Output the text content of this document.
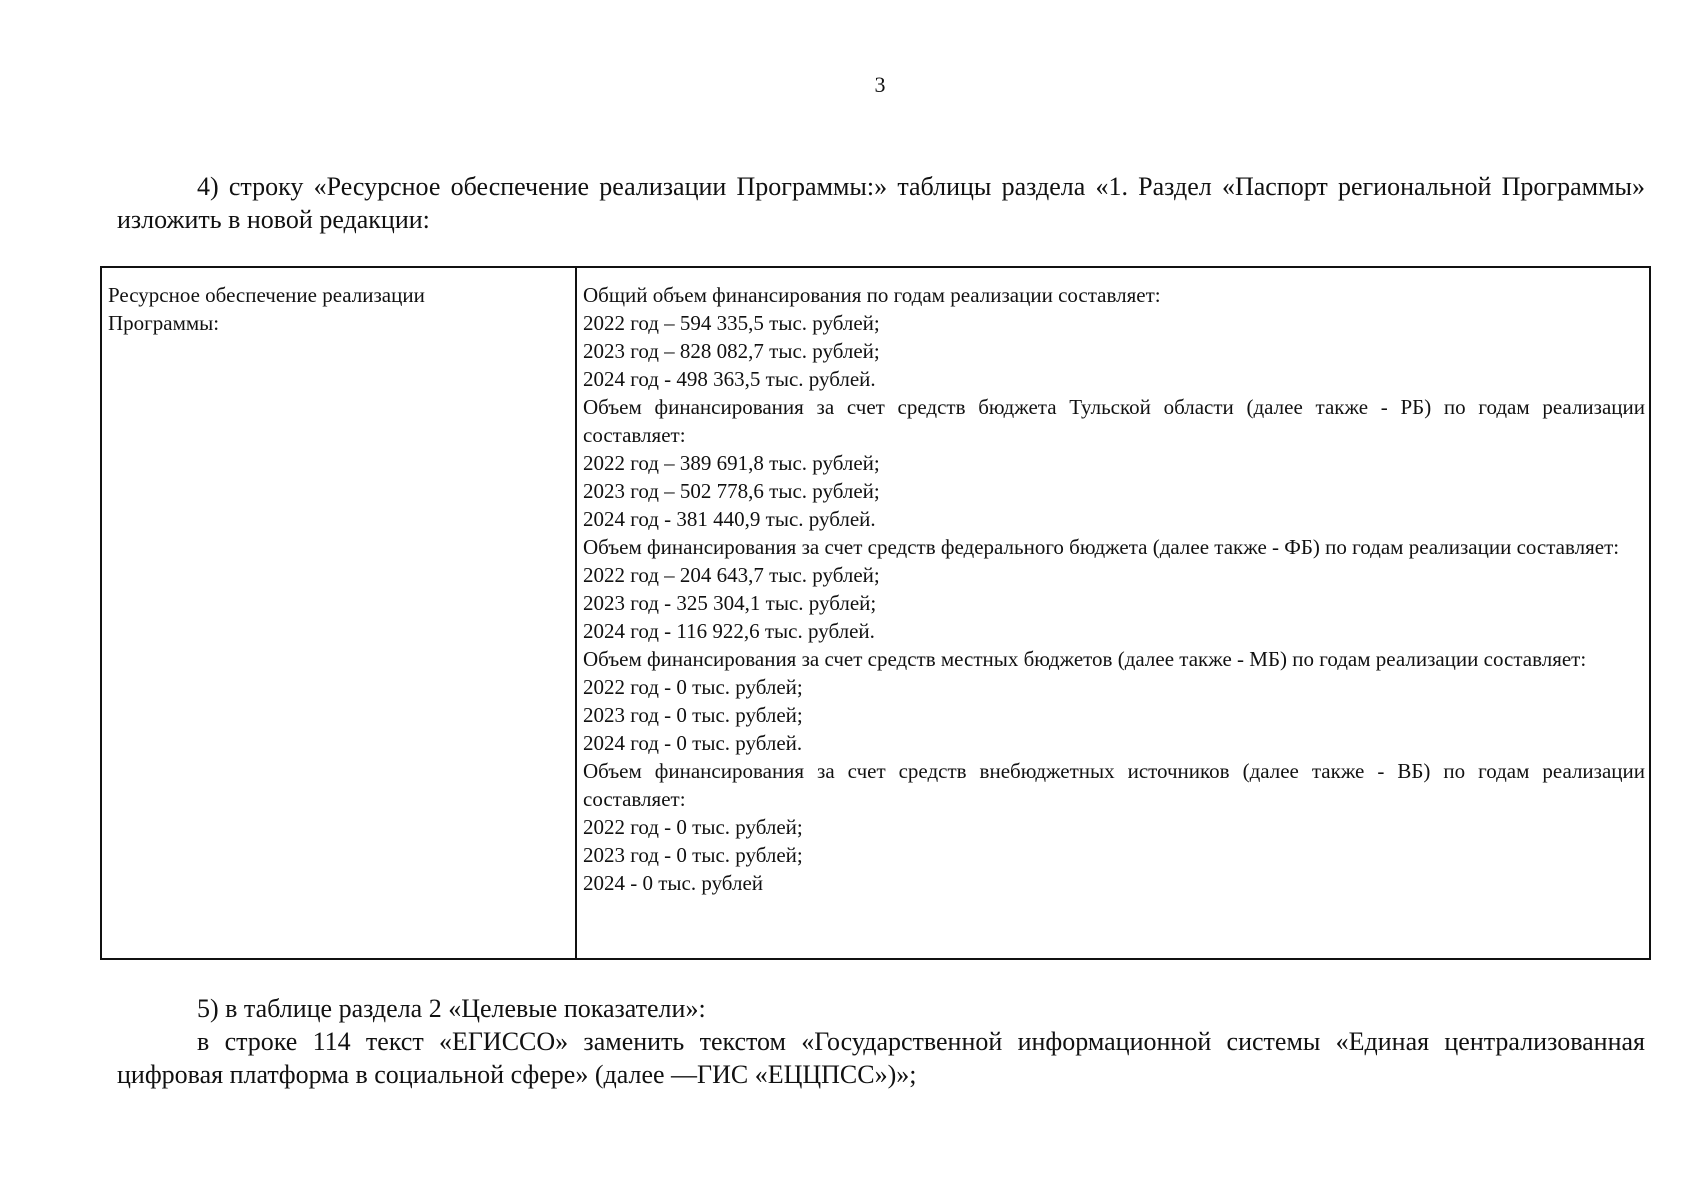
3
4) строку «Ресурсное обеспечение реализации Программы:» таблицы раздела «1. Раздел «Паспорт региональной Программы» изложить в новой редакции:
Ресурсное обеспечение реализации
Программы:
Общий объем финансирования по годам реализации составляет:
2022 год – 594 335,5 тыс. рублей;
2023 год – 828 082,7 тыс. рублей;
2024 год - 498 363,5 тыс. рублей.
Объем финансирования за счет средств бюджета Тульской области (далее также - РБ) по годам реализации составляет:
2022 год – 389 691,8 тыс. рублей;
2023 год – 502 778,6 тыс. рублей;
2024 год - 381 440,9 тыс. рублей.
Объем финансирования за счет средств федерального бюджета (далее также - ФБ) по годам реализации составляет:
2022 год – 204 643,7 тыс. рублей;
2023 год - 325 304,1 тыс. рублей;
2024 год - 116 922,6 тыс. рублей.
Объем финансирования за счет средств местных бюджетов (далее также - МБ) по годам реализации составляет:
2022 год - 0 тыс. рублей;
2023 год - 0 тыс. рублей;
2024 год - 0 тыс. рублей.
Объем финансирования за счет средств внебюджетных источников (далее также - ВБ) по годам реализации составляет:
2022 год - 0 тыс. рублей;
2023 год - 0 тыс. рублей;
2024 - 0 тыс. рублей
5) в таблице раздела 2 «Целевые показатели»:
в строке 114 текст «ЕГИССО» заменить текстом «Государственной информационной системы «Единая централизованная цифровая платформа в социальной сфере» (далее —ГИС «ЕЦЦПСС»)»;
